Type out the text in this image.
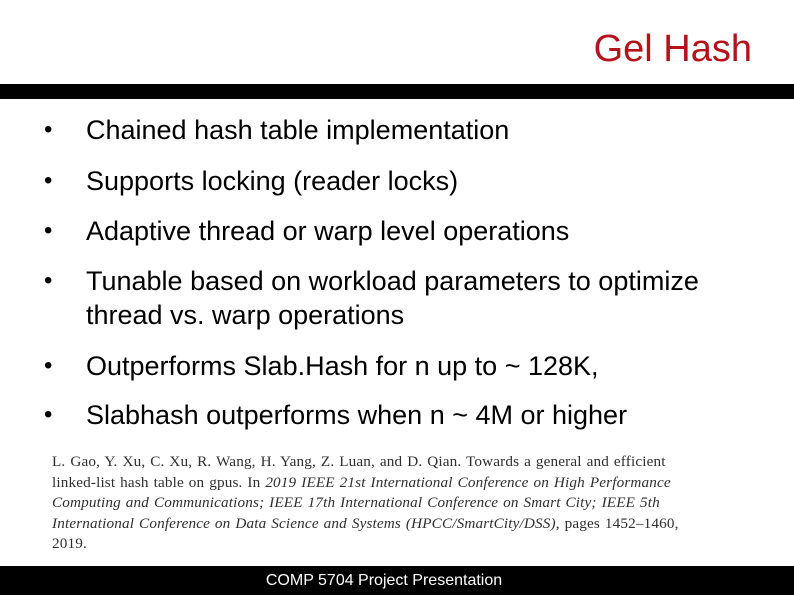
Gel Hash
•	Chained hash table implementation
•	Supports locking (reader locks)
•	Adaptive thread or warp level operations
•	Tunable based on workload parameters to optimize thread vs. warp operations
•	Outperforms Slab.Hash for n up to ~ 128K,
•	Slabhash outperforms when n ~ 4M or higher
L. Gao, Y. Xu, C. Xu, R. Wang, H. Yang, Z. Luan, and D. Qian. Towards a general and efficient linked-list hash table on gpus. In 2019 IEEE 21st International Conference on High Performance Computing and Communications; IEEE 17th International Conference on Smart City; IEEE 5th International Conference on Data Science and Systems (HPCC/SmartCity/DSS), pages 1452–1460, 2019.
COMP 5704 Project Presentation
